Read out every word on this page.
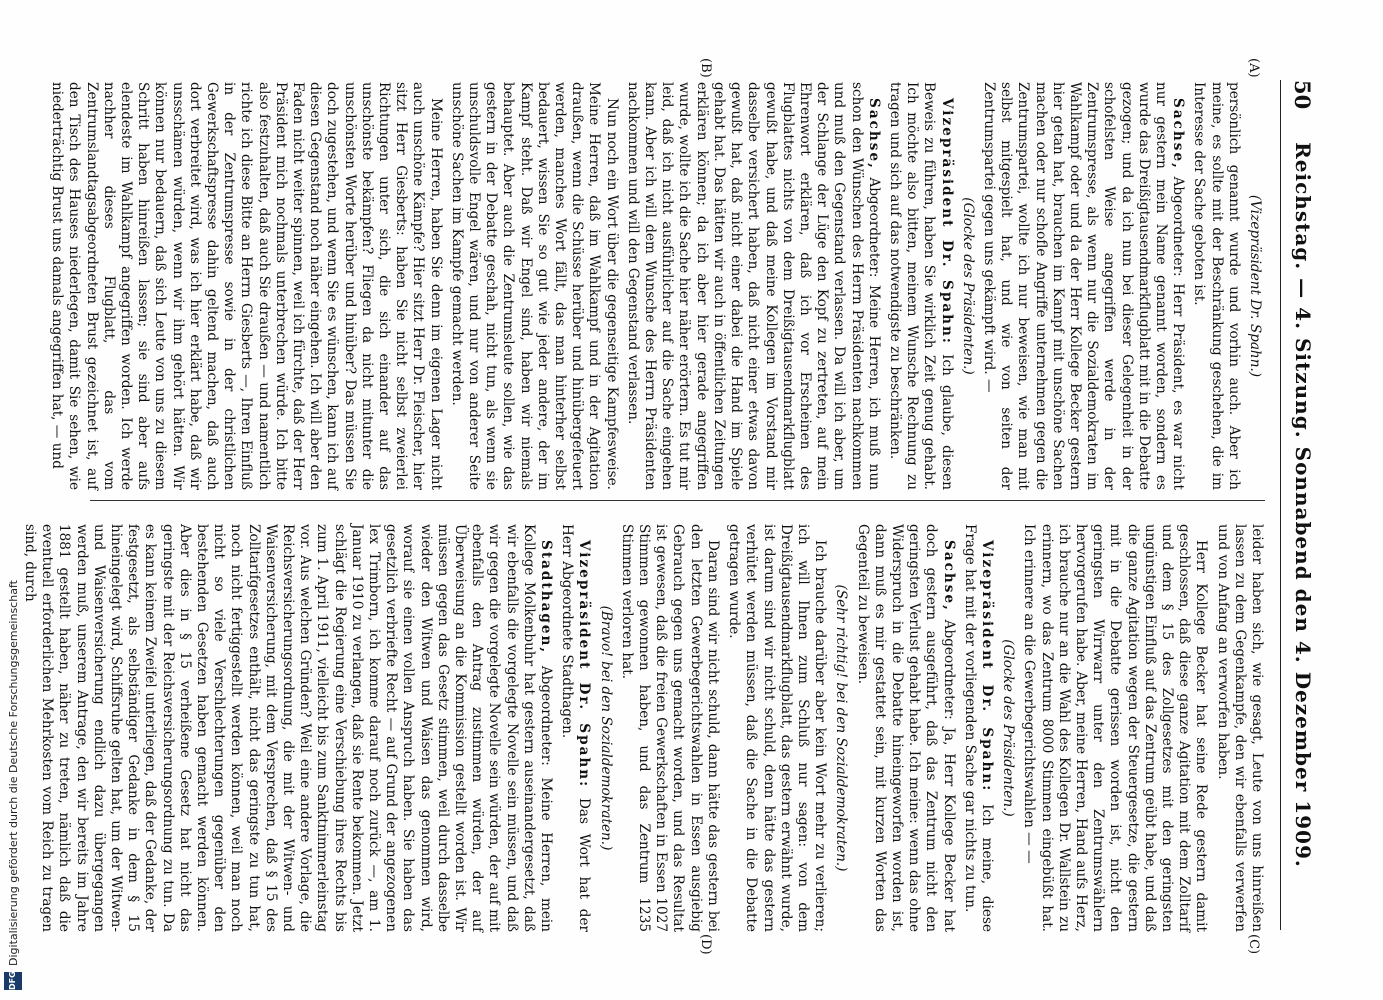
50
Reichstag. — 4. Sitzung. Sonnabend den 4. Dezember 1909.
(A)
(B)
(C)
(D)

(Vizepräsident Dr. Spahn.)

persönlich genannt wurde und vorhin auch. Aber ich meine, es sollte mit der Beschränkung geschehen, die im Interesse der Sache geboten ist.

Sachse, Abgeordneter: Herr Präsident, es war nicht nur gestern mein Name genannt worden, sondern es wurde das Dreißigtausendmarkflugblatt mit in die Debatte gezogen; und da ich nun bei dieser Gelegenheit in der schofelsten Weise angegriffen werde in der Zentrumspresse, als wenn nur die Sozialdemokraten im Wahlkampf oder und da der Herr Kollege Becker gestern hier getan hat, brauchen im Kampf mit unschöne Sachen machen oder nur schofle Angriffe unternehmen gegen die Zentrumspartei, wollte ich nur beweisen, wie man mit selbst mitgespielt hat, und wie von seiten der Zentrumspartei gegen uns gekämpft wird. —

(Glocke des Präsidenten.)

Vizepräsident Dr. Spahn: Ich glaube, diesen Beweis zu führen, haben Sie wirklich Zeit genug gehabt. Ich möchte also bitten, meinem Wunsche Rechnung zu tragen und sich auf das notwendigste zu beschränken.

Sachse, Abgeordneter: Meine Herren, ich muß nun schon den Wünschen des Herrn Präsidenten nachkommen und muß den Gegenstand verlassen. Da will ich aber, um der Schlange der Lüge den Kopf zu zertreten, auf mein Ehrenwort erklären, daß ich vor Erscheinen des Flugblattes nichts von dem Dreißigtausendmarkflugblatt gewußt habe, und daß meine Kollegen im Vorstand mir dasselbe versichert haben, daß nicht einer etwas davon gewußt hat, daß nicht einer dabei die Hand im Spiele gehabt hat. Das hätten wir auch in öffentlichen Zeitungen erklären können; da ich aber hier gerade angegriffen wurde, wollte ich die Sache hier näher erörtern. Es tut mir leid, daß ich nicht ausführlicher auf die Sache eingehen kann. Aber ich will dem Wunsche des Herrn Präsidenten nachkommen und will den Gegenstand verlassen.

Nun noch ein Wort über die gegenseitige Kampfesweise. Meine Herren, daß im Wahlkampf und in der Agitation draußen, wenn die Schüsse herüber und hinübergefeuert werden, manches Wort fällt, das man hinterher selbst bedauert, wissen Sie so gut wie jeder andere, der im Kampf steht. Daß wir Engel sind, haben wir niemals behauptet. Aber auch die Zentrumsleute sollen, wie das gestern in der Debatte geschah, nicht tun, als wenn sie unschuldsvolle Engel wären, und nur von anderer Seite unschöne Sachen im Kampfe gemacht werden.

Meine Herren, haben Sie denn im eigenen Lager nicht auch unschöne Kämpfe? Hier sitzt Herr Dr. Fleischer, hier sitzt Herr Giesberts: haben Sie nicht selbst zweierlei Richtungen unter sich, die sich einander auf das unschönste bekämpfen? Fliegen da nicht mitunter die unschönsten Worte herüber und hinüber? Das müssen Sie doch zugestehen, und wenn Sie es wünschen, kann ich auf diesen Gegenstand noch näher eingehen. Ich will aber den Faden nicht weiter spinnen, weil ich fürchte, daß der Herr Präsident mich nochmals unterbrechen würde. Ich bitte also festzuhalten, daß auch Sie draußen — und namentlich richte ich diese Bitte an Herrn Giesberts —, Ihren Einfluß in der Zentrumspresse sowie in der christlichen Gewerkschaftspresse dahin geltend machen, daß auch dort verbreitet wird, was ich hier erklärt habe, daß wir unsschämen würden, wenn wir ihm gehört hätten. Wir können nur bedauern, daß sich Leute von uns zu diesem Schritt haben hinreißen lassen; sie sind aber aufs elendeste im Wahlkampf angegriffen worden. Ich werde nachher dieses Flugblatt, das vom Zentrumslandtagsabgeordneten Brust gezeichnet ist, auf den Tisch des Hauses niederlegen, damit Sie sehen, wie niederträchtig Brust uns damals angegriffen hat, — und

leider haben sich, wie gesagt, Leute von uns hinreißen lassen zu dem Gegenkampfe, den wir ebenfalls verwerfen und von Anfang an verworfen haben.

Herr Kollege Becker hat seine Rede gestern damit geschlossen, daß diese ganze Agitation mit dem Zolltarif und dem § 15 des Zollgesetzes mit den geringsten ungünstigen Einfluß auf das Zentrum geübt habe, und daß die ganze Agitation wegen der Steuergesetze, die gestern mit in die Debatte gerissen worden ist, nicht den geringsten Wirrwarr unter den Zentrumswählern hervorgerufen habe. Aber, meine Herren, Hand aufs Herz, ich brauche nur an die Wahl des Kollegen Dr. Wallstein zu erinnern, wo das Zentrum 8000 Stimmen eingebüßt hat. Ich erinnere an die Gewerbegerichtswahlen — —

(Glocke des Präsidenten.)

Vizepräsident Dr. Spahn: Ich meine, diese Frage hat mit der vorliegenden Sache gar nichts zu tun.

Sachse, Abgeordneter: Ja, Herr Kollege Becker hat doch gestern ausgeführt, daß das Zentrum nicht den geringsten Verlust gehabt habe. Ich meine: wenn das ohne Widerspruch in die Debatte hineingeworfen worden ist, dann muß es mir gestattet sein, mit kurzen Worten das Gegenteil zu beweisen.

(Sehr richtig! bei den Sozialdemokraten.)

Ich brauche darüber aber kein Wort mehr zu verlieren; ich will Ihnen zum Schluß nur sagen: von dem Dreißigtausendmarkflugblatt, das gestern erwähnt wurde, ist darum sind wir nicht schuld, denn hätte das gestern verhütet werden müssen, daß die Sache in die Debatte getragen wurde.

Daran sind wir nicht schuld, dann hätte das gestern bei den letzten Gewerbegerichtswahlen in Essen ausgiebig Gebrauch gegen uns gemacht worden, und das Resultat ist gewesen, daß die freien Gewerkschaften in Essen 1027 Stimmen gewonnen haben, und das Zentrum 1235 Stimmen verloren hat.

(Bravo! bei den Sozialdemokraten.)

Vizepräsident Dr. Spahn: Das Wort hat der Herr Abgeordnete Stadthagen.

Stadthagen, Abgeordneter: Meine Herren, mein Kollege Molkenbuhr hat gestern auseinandergesetzt, daß wir ebenfalls die vorgelegte Novelle sein müssen, und daß wir gegen die vorgelegte Novelle sein würden, der auf mit ebenfalls den Antrag zustimmen würden, der auf Überweisung an die Kommission gestellt worden ist. Wir müssen gegen das Gesetz stimmen, weil durch dasselbe wieder den Witwen und Waisen das genommen wird, worauf sie einen vollen Anspruch haben. Sie haben das gesetzlich verbriefte Recht — auf Grund der angezogenen lex Trimborn, ich komme darauf noch zurück —, am 1. Januar 1910 zu verlangen, daß sie Rente bekommen. Jetzt schlägt die Regierung eine Verschiebung ihres Rechts bis zum 1. April 1911, vielleicht bis zum Sanktnimmerleinstag vor. Aus welchen Gründen? Weil eine andere Vorlage, die Reichsversicherungsordnung, die mit der Witwen- und Waisenversicherung, mit dem Versprechen, daß § 15 des Zolltarifgesetzes enthält, nicht das geringste zu tun hat, noch nicht fertiggestellt werden können, weil man noch nicht so viele Verschlechterungen gegenüber den bestehenden Gesetzen haben gemacht werden können. Aber dies in § 15 verheißene Gesetz hat nicht das geringste mit der Reichsversicherungsordnung zu tun. Da es kann keinem Zweifel unterliegen, daß der Gedanke, der festgesetzt, als selbständiger Gedanke in dem § 15 hineingelegt wird, Schiffsruhe gelten hat, um der Witwen- und Waisenversicherung endlich dazu übergegangen werden muß, unserem Antrage, den wir bereits im Jahre 1881 gestellt haben, näher zu treten, nämlich daß die eventuell erforderlichen Mehrkosten vom Reich zu tragen sind, durch

DFG
Digitalisierung gefördert durch die Deutsche Forschungsgemeinschaft
